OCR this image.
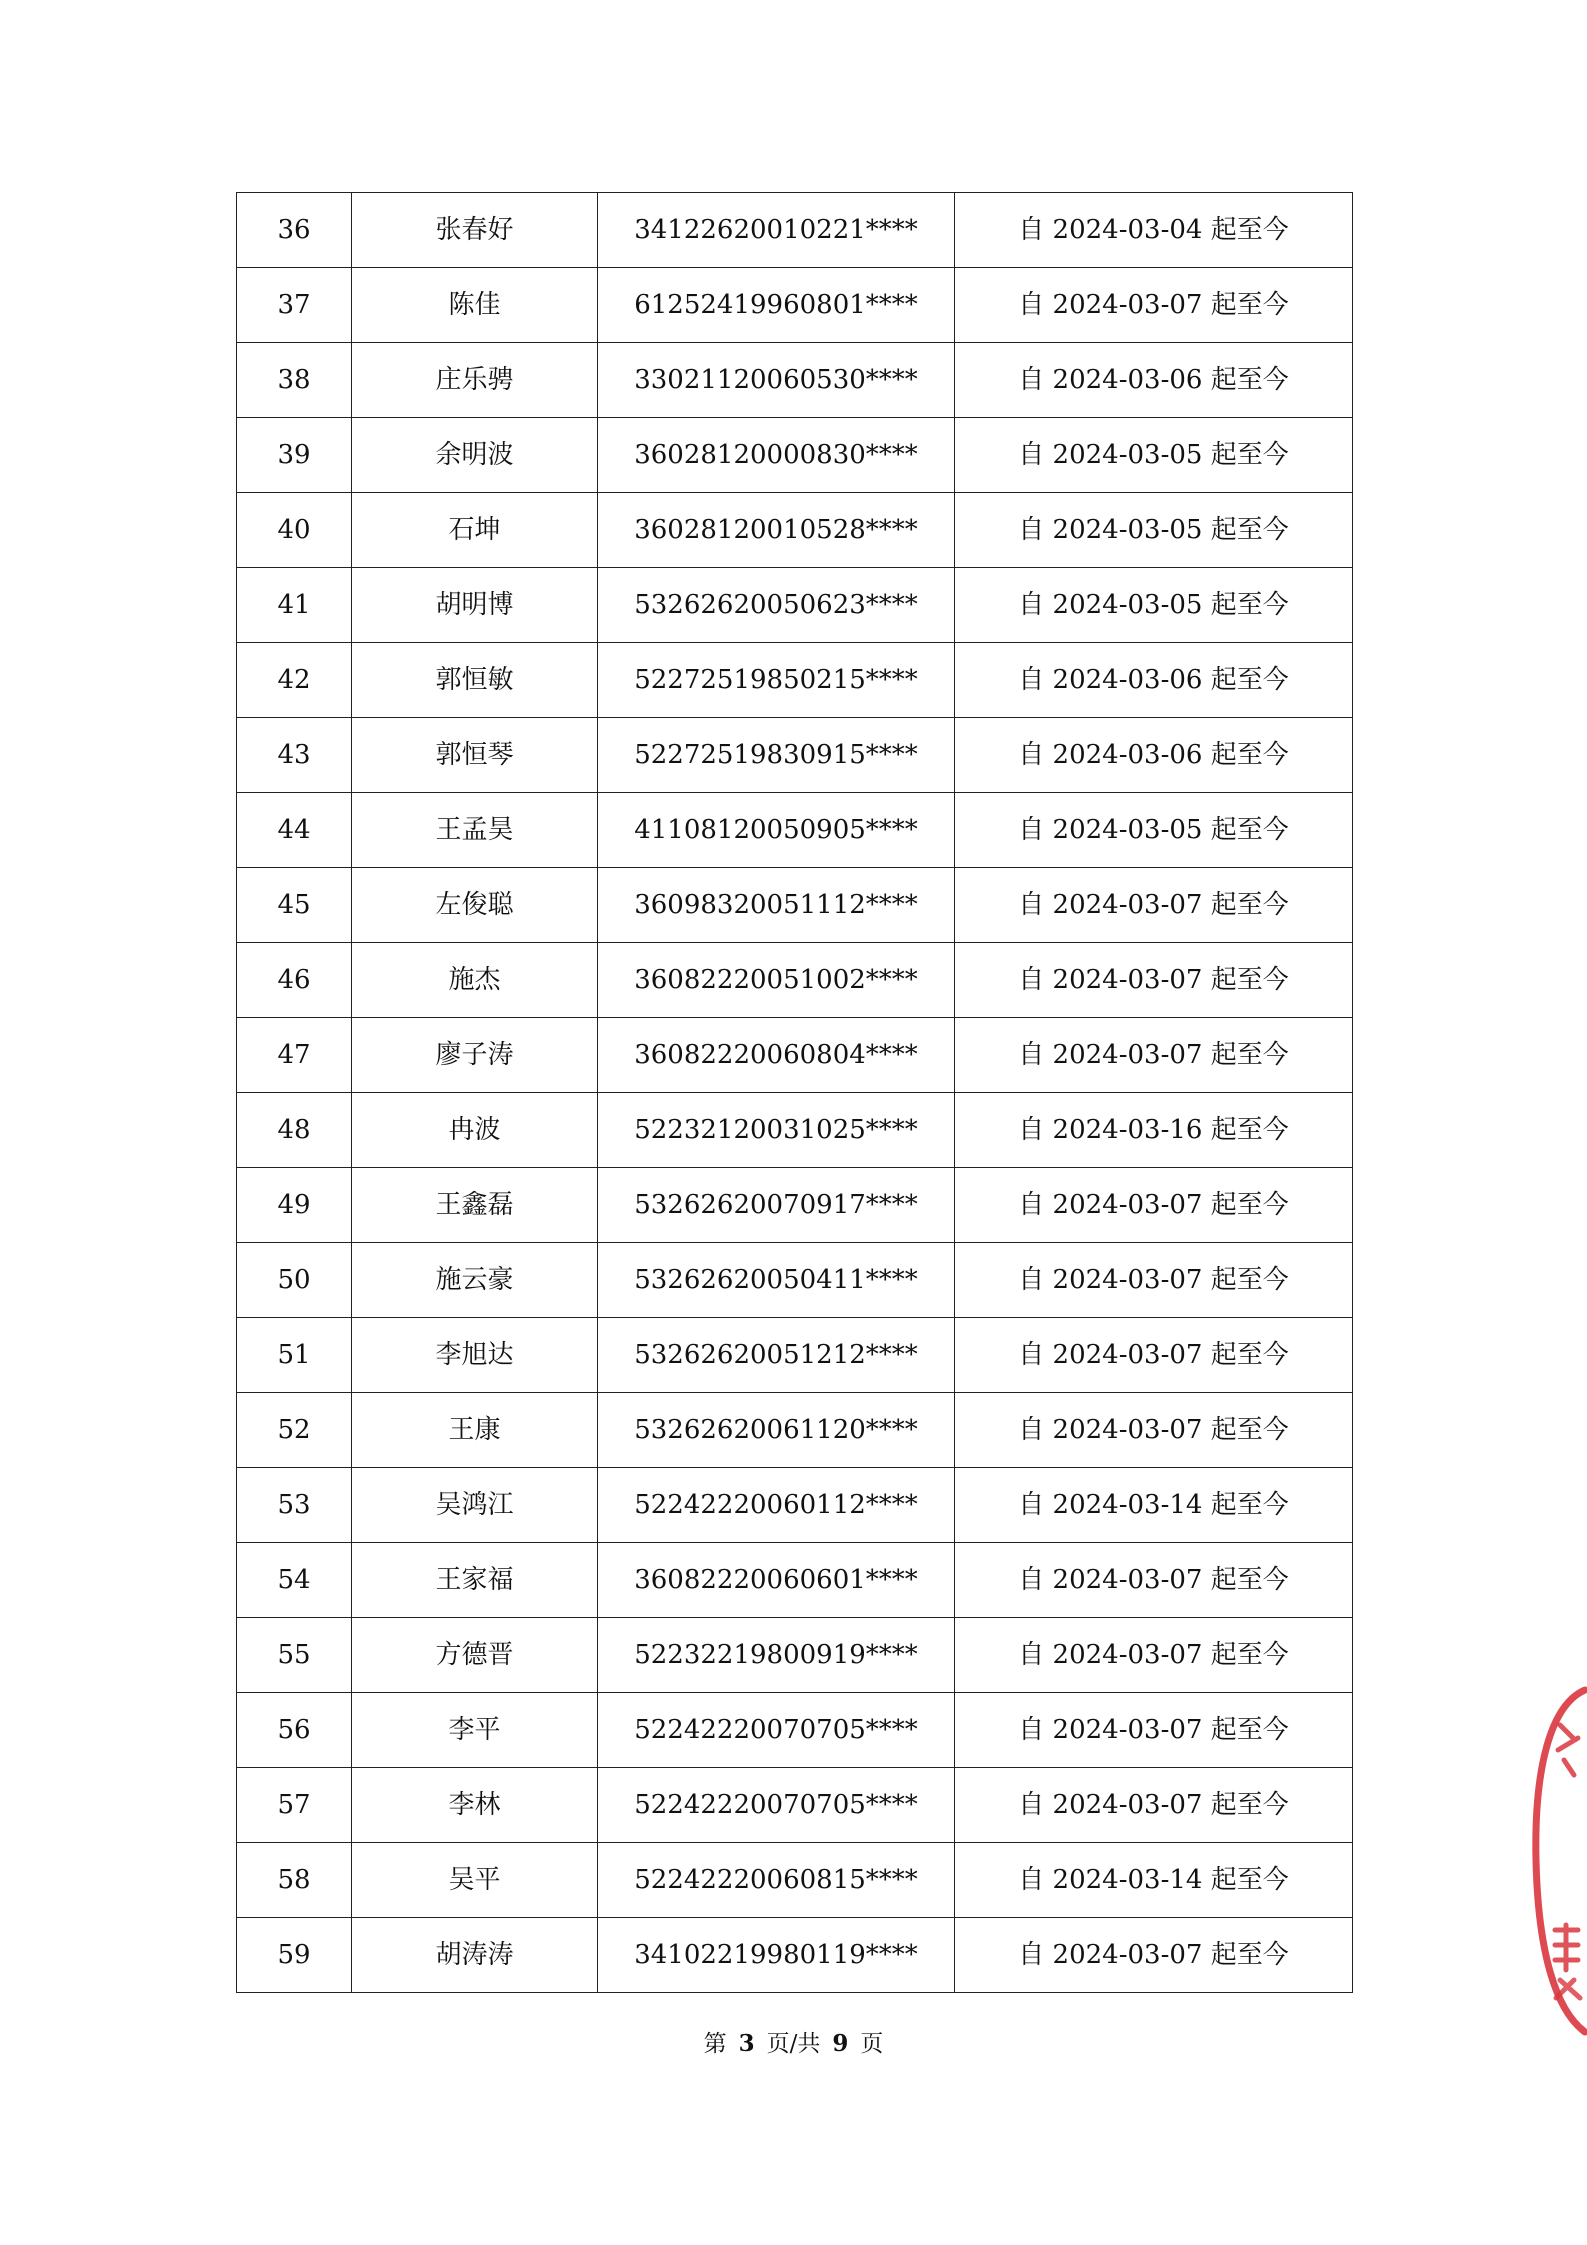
36	张春好	34122620010221****	自 2024-03-04 起至今
37	陈佳	61252419960801****	自 2024-03-07 起至今
38	庄乐骋	33021120060530****	自 2024-03-06 起至今
39	余明波	36028120000830****	自 2024-03-05 起至今
40	石坤	36028120010528****	自 2024-03-05 起至今
41	胡明博	53262620050623****	自 2024-03-05 起至今
42	郭恒敏	52272519850215****	自 2024-03-06 起至今
43	郭恒琴	52272519830915****	自 2024-03-06 起至今
44	王孟昊	41108120050905****	自 2024-03-05 起至今
45	左俊聪	36098320051112****	自 2024-03-07 起至今
46	施杰	36082220051002****	自 2024-03-07 起至今
47	廖子涛	36082220060804****	自 2024-03-07 起至今
48	冉波	52232120031025****	自 2024-03-16 起至今
49	王鑫磊	53262620070917****	自 2024-03-07 起至今
50	施云豪	53262620050411****	自 2024-03-07 起至今
51	李旭达	53262620051212****	自 2024-03-07 起至今
52	王康	53262620061120****	自 2024-03-07 起至今
53	吴鸿江	52242220060112****	自 2024-03-14 起至今
54	王家福	36082220060601****	自 2024-03-07 起至今
55	方德晋	52232219800919****	自 2024-03-07 起至今
56	李平	52242220070705****	自 2024-03-07 起至今
57	李林	52242220070705****	自 2024-03-07 起至今
58	吴平	52242220060815****	自 2024-03-14 起至今
59	胡涛涛	34102219980119****	自 2024-03-07 起至今
第 3 页/共 9 页
